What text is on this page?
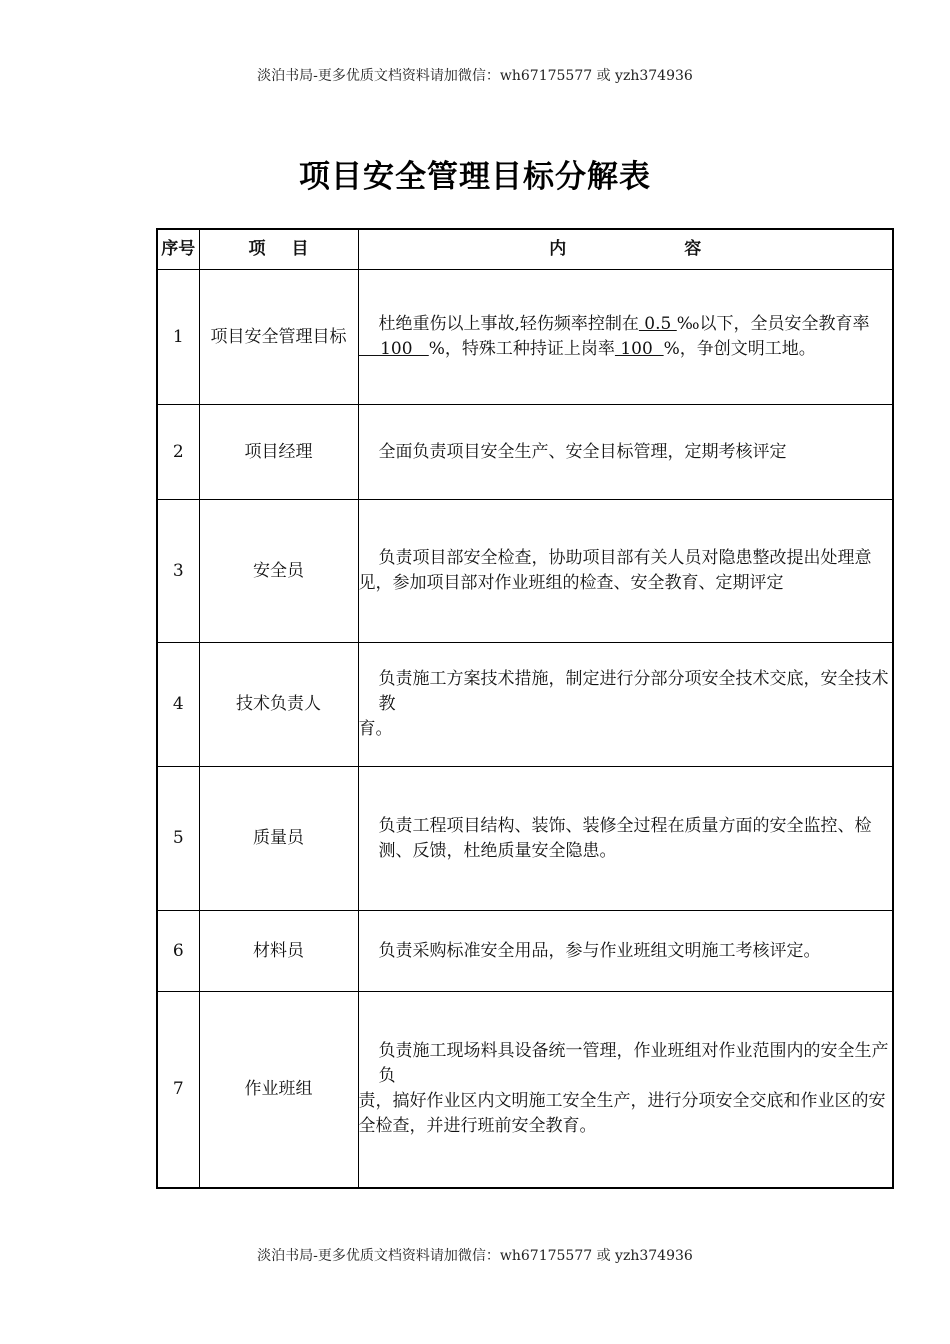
淡泊书局-更多优质文档资料请加微信：wh67175577 或 yzh374936
项目安全管理目标分解表
序号	项目	内容
1	项目安全管理目标	杜绝重伤以上事故,轻伤频率控制在 0.5 ‰以下，全员安全教育率
100   %，特殊工种持证上岗率 100  %，争创文明工地。

2	项目经理	全面负责项目安全生产、安全目标管理，定期考核评定

3	安全员	负责项目部安全检查，协助项目部有关人员对隐患整改提出处理意
见，参加项目部对作业班组的检查、安全教育、定期评定

4	技术负责人	负责施工方案技术措施，制定进行分部分项安全技术交底，安全技术教
育。

5	质量员	负责工程项目结构、装饰、装修全过程在质量方面的安全监控、检 测、反馈，杜绝质量安全隐患。

6	材料员	负责采购标准安全用品，参与作业班组文明施工考核评定。

7	作业班组	负责施工现场料具设备统一管理，作业班组对作业范围内的安全生产负
责，搞好作业区内文明施工安全生产，进行分项安全交底和作业区的安
全检查，并进行班前安全教育。
淡泊书局-更多优质文档资料请加微信：wh67175577 或 yzh374936
